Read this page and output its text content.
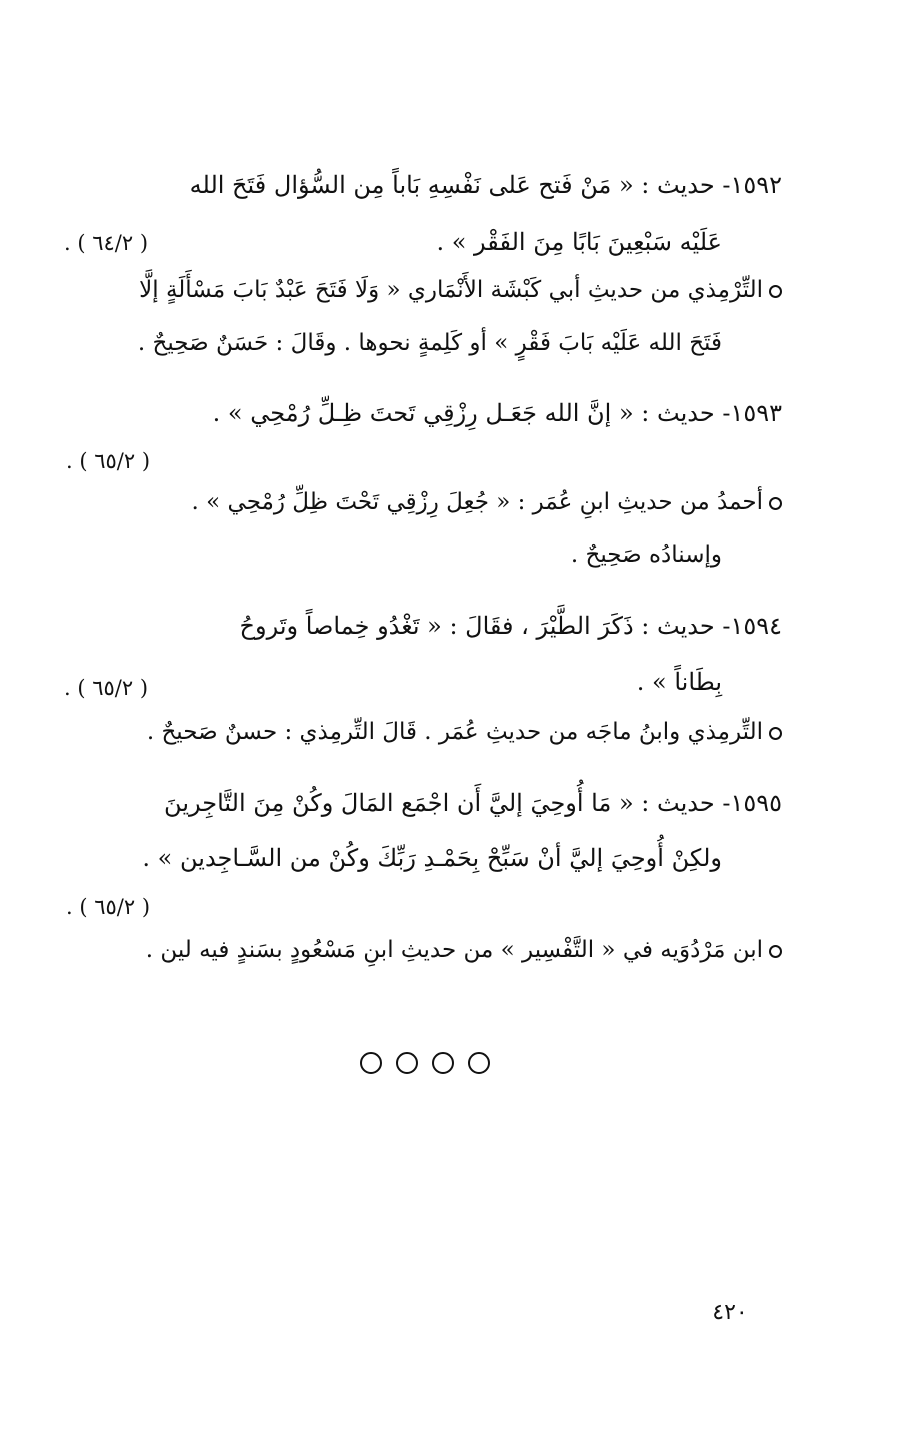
١٥٩٢- حديث : « مَنْ فَتح عَلى نَفْسِهِ بَاباً مِن السُّؤال فَتَحَ الله
عَلَيْه سَبْعِينَ بَابًا مِنَ الفَقْر » .
( ٦٤/٢ ) .
التِّرْمِذي من حديثِ أبي كَبْشَة الأَنْمَاري « وَلَا فَتَحَ عَبْدٌ بَابَ مَسْأَلَةٍ إلَّا
فَتَحَ الله عَلَيْه بَابَ فَقْرٍ » أو كَلِمةٍ نحوها . وقَالَ : حَسَنٌ صَحِيحٌ .
١٥٩٣- حديث : « إنَّ الله جَعَـل رِزْقِي تَحتَ ظِـلِّ رُمْحِي » .
( ٦٥/٢ ) .
أحمدُ من حديثِ ابنِ عُمَر : « جُعِلَ رِزْقِي تَحْتَ ظِلِّ رُمْحِي » .
وإسنادُه صَحِيحٌ .
١٥٩٤- حديث : ذَكَرَ الطَّيْرَ ، فقَالَ : « تَغْدُو خِماصاً وتَروحُ
بِطَاناً » .
( ٦٥/٢ ) .
التِّرمِذي وابنُ ماجَه من حديثِ عُمَر . قَالَ التِّرمِذي : حسنٌ صَحيحٌ .
١٥٩٥- حديث : « مَا أُوحِيَ إليَّ أَن اجْمَع المَالَ وكُنْ مِنَ التَّاجِرينَ
ولكِنْ أُوحِيَ إليَّ أنْ سَبِّحْ بِحَمْـدِ رَبِّكَ وكُنْ من السَّـاجِدين » .
( ٦٥/٢ ) .
ابن مَرْدُوَيه في « التَّفْسِير » من حديثِ ابنِ مَسْعُودٍ بسَندٍ فيه لين .
٤٢٠
